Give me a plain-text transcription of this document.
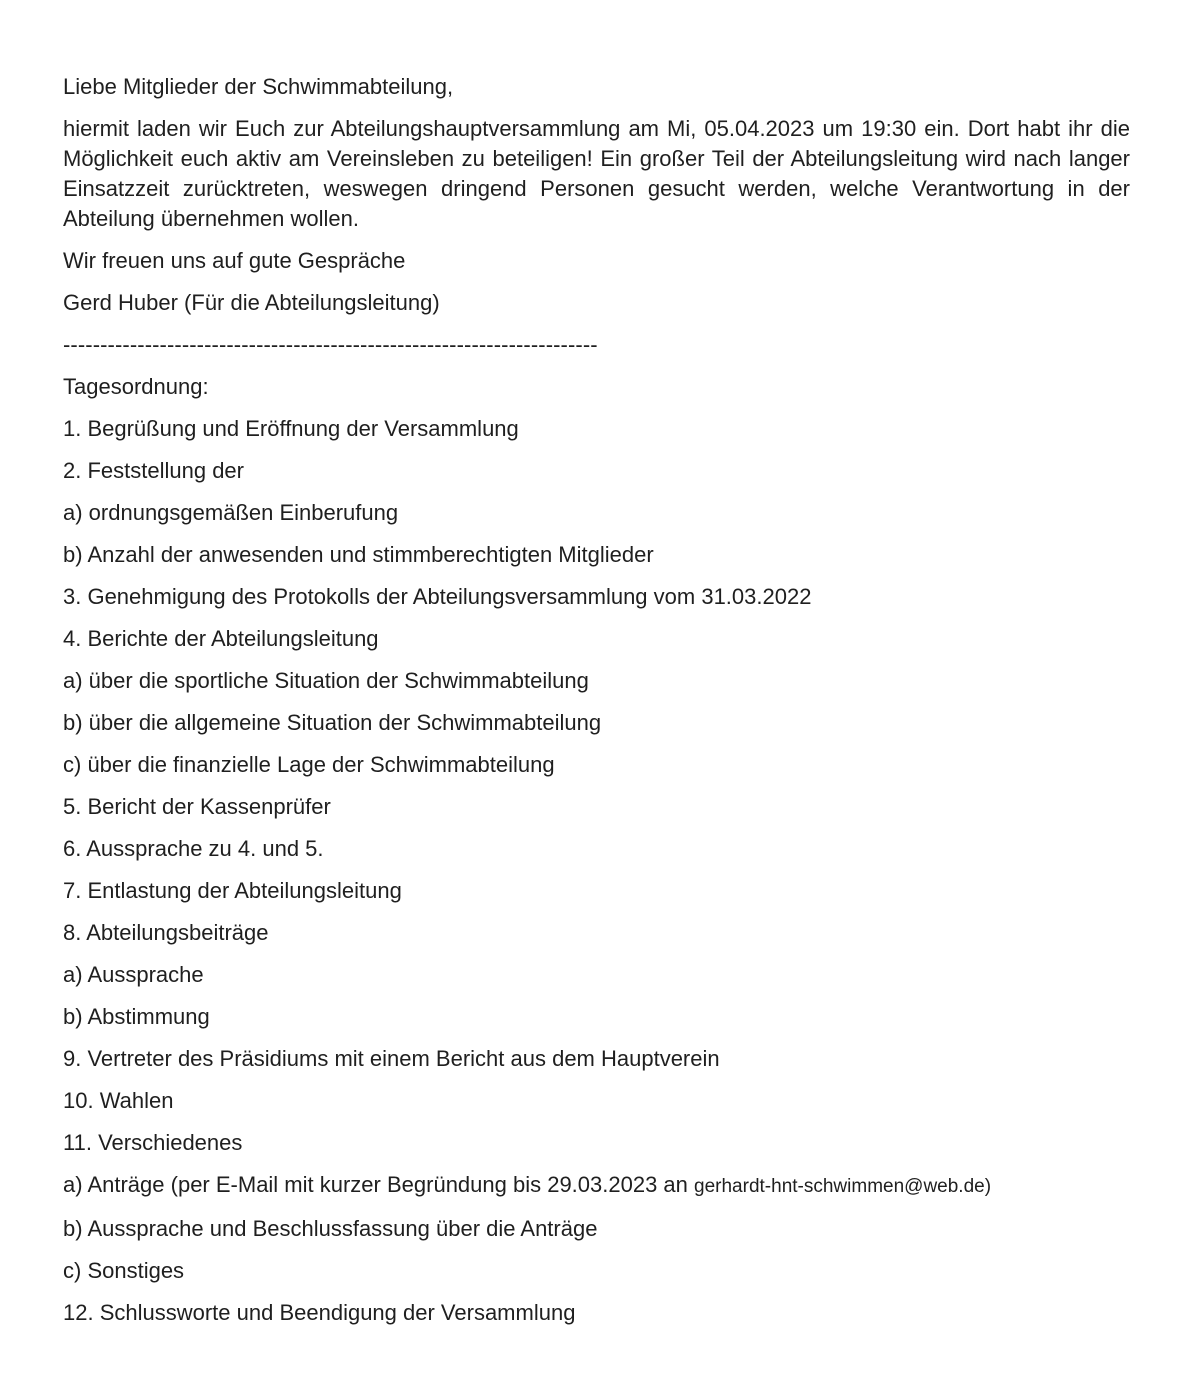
Liebe Mitglieder der Schwimmabteilung,

hiermit laden wir Euch zur Abteilungshauptversammlung am Mi, 05.04.2023 um 19:30 ein. Dort habt ihr die Möglichkeit euch aktiv am Vereinsleben zu beteiligen! Ein großer Teil der Abteilungsleitung wird nach langer Einsatzzeit zurücktreten, weswegen dringend Personen gesucht werden, welche Verantwortung in der Abteilung übernehmen wollen.

Wir freuen uns auf gute Gespräche

Gerd Huber (Für die Abteilungsleitung)

------------------------------------------------------------------------

Tagesordnung:

1. Begrüßung und Eröffnung der Versammlung

2. Feststellung der

a) ordnungsgemäßen Einberufung

b) Anzahl der anwesenden und stimmberechtigten Mitglieder

3. Genehmigung des Protokolls der Abteilungsversammlung vom 31.03.2022

4. Berichte der Abteilungsleitung

a) über die sportliche Situation der Schwimmabteilung

b) über die allgemeine Situation der Schwimmabteilung

c) über die finanzielle Lage der Schwimmabteilung

5. Bericht der Kassenprüfer

6. Aussprache zu 4. und 5.

7. Entlastung der Abteilungsleitung

8. Abteilungsbeiträge

a) Aussprache

b) Abstimmung

9. Vertreter des Präsidiums mit einem Bericht aus dem Hauptverein

10. Wahlen

11. Verschiedenes

a) Anträge (per E-Mail mit kurzer Begründung bis 29.03.2023 an gerhardt-hnt-schwimmen@web.de)

b) Aussprache und Beschlussfassung über die Anträge

c) Sonstiges

12. Schlussworte und Beendigung der Versammlung
